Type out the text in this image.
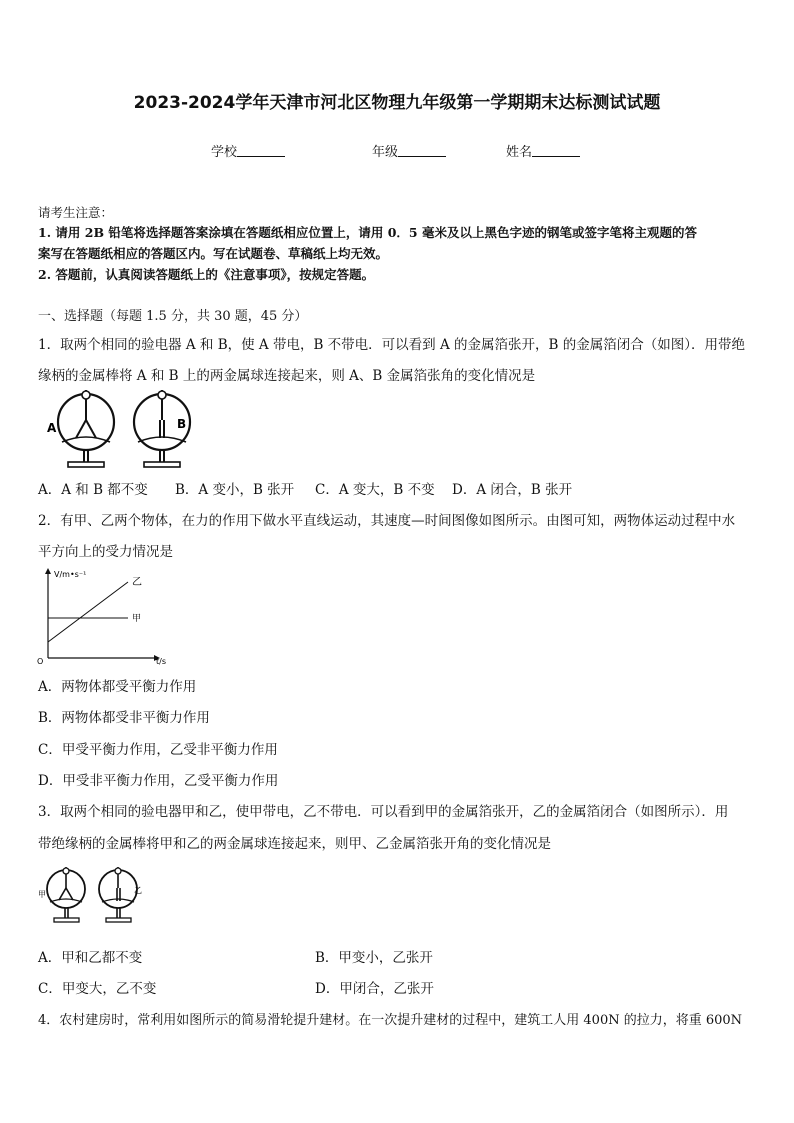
2023-2024学年天津市河北区物理九年级第一学期期末达标测试试题
学校	年级	姓名
请考生注意：
1. 请用 2B 铅笔将选择题答案涂填在答题纸相应位置上，请用 0．5 毫米及以上黑色字迹的钢笔或签字笔将主观题的答
案写在答题纸相应的答题区内。写在试题卷、草稿纸上均无效。
2. 答题前，认真阅读答题纸上的《注意事项》，按规定答题。
一、选择题（每题 1.5 分，共 30 题，45 分）
1．取两个相同的验电器 A 和 B，使 A 带电，B 不带电．可以看到 A 的金属箔张开，B 的金属箔闭合（如图）．用带绝
缘柄的金属棒将 A 和 B 上的两金属球连接起来，则 A、B 金属箔张角的变化情况是
A	B
A．A 和 B 都不变 B．A 变小，B 张开 C．A 变大，B 不变 D．A 闭合，B 张开
2．有甲、乙两个物体，在力的作用下做水平直线运动，其速度—时间图像如图所示。由图可知，两物体运动过程中水
平方向上的受力情况是
V/m•s⁻¹
t/s
O
甲
乙
A．两物体都受平衡力作用
B．两物体都受非平衡力作用
C．甲受平衡力作用，乙受非平衡力作用
D．甲受非平衡力作用，乙受平衡力作用
3．取两个相同的验电器甲和乙，使甲带电，乙不带电．可以看到甲的金属箔张开，乙的金属箔闭合（如图所示）．用
带绝缘柄的金属棒将甲和乙的两金属球连接起来，则甲、乙金属箔张开角的变化情况是
甲	乙
A．甲和乙都不变	B．甲变小，乙张开
C．甲变大，乙不变	D．甲闭合，乙张开
4．农村建房时，常利用如图所示的简易滑轮提升建材。在一次提升建材的过程中，建筑工人用 400N 的拉力，将重 600N
